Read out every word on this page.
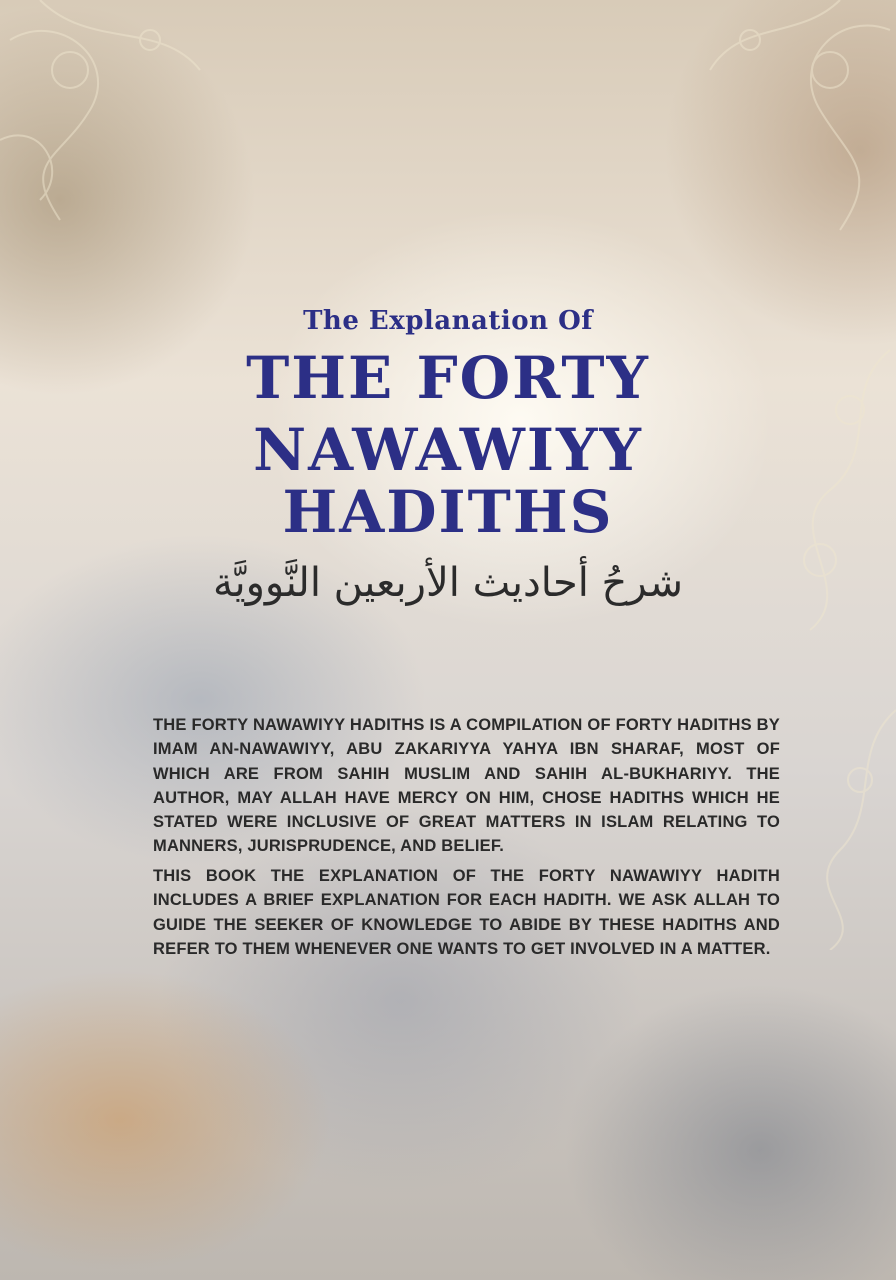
The Explanation Of
THE FORTY
NAWAWIYY
HADITHS
شرحُ أحاديث الأربعين النَّوويَّة
THE FORTY NAWAWIYY HADITHS IS A COMPILATION OF FORTY HADITHS BY IMAM AN-NAWAWIYY, ABU ZAKARIYYA YAHYA IBN SHARAF, MOST OF WHICH ARE FROM SAHIH MUSLIM AND SAHIH AL-BUKHARIYY. THE AUTHOR, MAY ALLAH HAVE MERCY ON HIM, CHOSE HADITHS WHICH HE STATED WERE INCLUSIVE OF GREAT MATTERS IN ISLAM RELATING TO MANNERS, JURISPRUDENCE, AND BELIEF.
THIS BOOK THE EXPLANATION OF THE FORTY NAWAWIYY HADITH INCLUDES A BRIEF EXPLANATION FOR EACH HADITH. WE ASK ALLAH TO GUIDE THE SEEKER OF KNOWLEDGE TO ABIDE BY THESE HADITHS AND REFER TO THEM WHENEVER ONE WANTS TO GET INVOLVED IN A MATTER.
